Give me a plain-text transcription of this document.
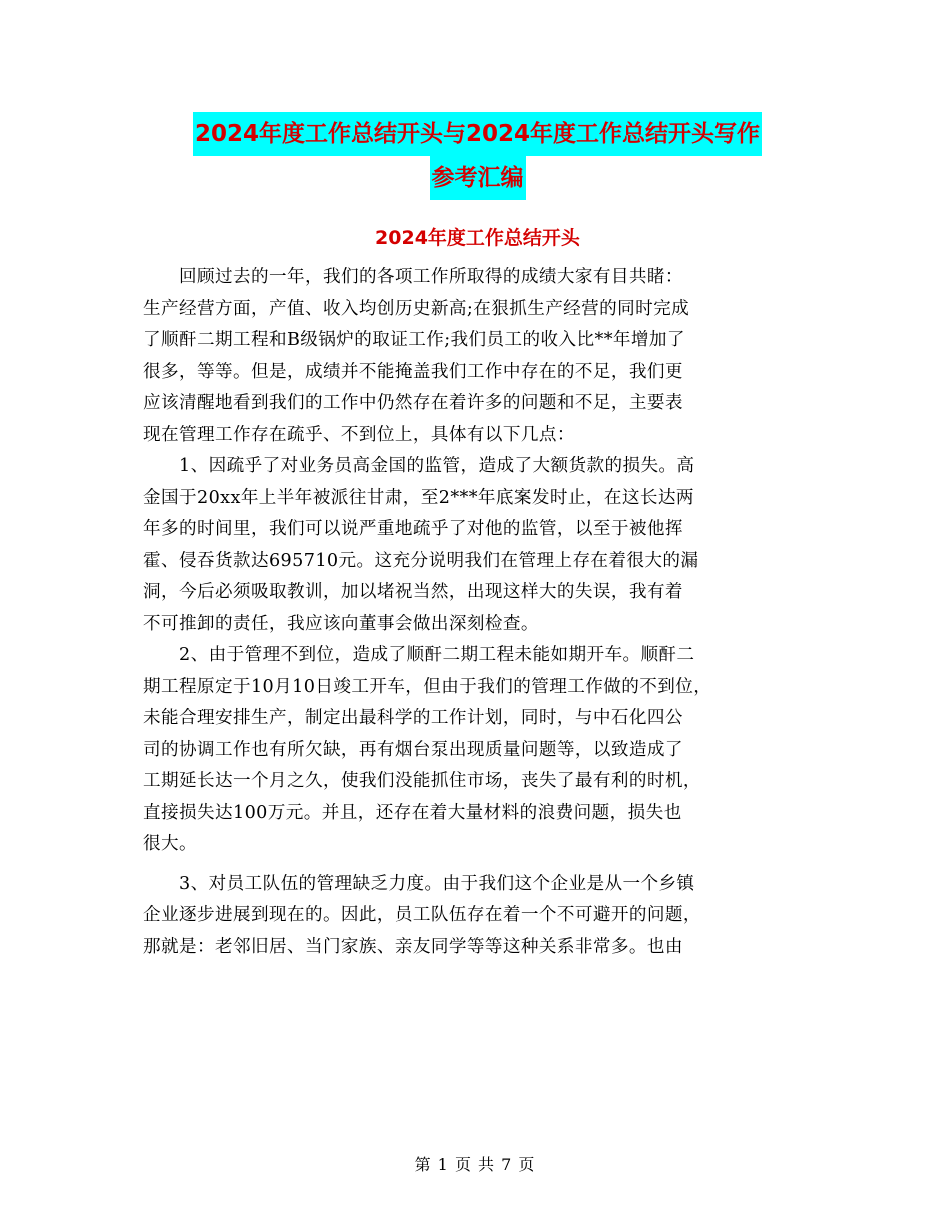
2024年度工作总结开头与2024年度工作总结开头写作
参考汇编
2024年度工作总结开头

回顾过去的一年，我们的各项工作所取得的成绩大家有目共睹：
生产经营方面，产值、收入均创历史新高;在狠抓生产经营的同时完成
了顺酐二期工程和B级锅炉的取证工作;我们员工的收入比**年增加了
很多，等等。但是，成绩并不能掩盖我们工作中存在的不足，我们更
应该清醒地看到我们的工作中仍然存在着许多的问题和不足，主要表
现在管理工作存在疏乎、不到位上，具体有以下几点：

1、因疏乎了对业务员高金国的监管，造成了大额货款的损失。高
金国于20xx年上半年被派往甘肃，至2***年底案发时止，在这长达两
年多的时间里，我们可以说严重地疏乎了对他的监管，以至于被他挥
霍、侵吞货款达695710元。这充分说明我们在管理上存在着很大的漏
洞，今后必须吸取教训，加以堵祝当然，出现这样大的失误，我有着
不可推卸的责任，我应该向董事会做出深刻检查。

2、由于管理不到位，造成了顺酐二期工程未能如期开车。顺酐二
期工程原定于10月10日竣工开车，但由于我们的管理工作做的不到位，
未能合理安排生产，制定出最科学的工作计划，同时，与中石化四公
司的协调工作也有所欠缺，再有烟台泵出现质量问题等，以致造成了
工期延长达一个月之久，使我们没能抓住市场，丧失了最有利的时机，
直接损失达100万元。并且，还存在着大量材料的浪费问题，损失也
很大。

3、对员工队伍的管理缺乏力度。由于我们这个企业是从一个乡镇
企业逐步进展到现在的。因此，员工队伍存在着一个不可避开的问题，
那就是：老邻旧居、当门家族、亲友同学等等这种关系非常多。也由

第 1 页 共 7 页
